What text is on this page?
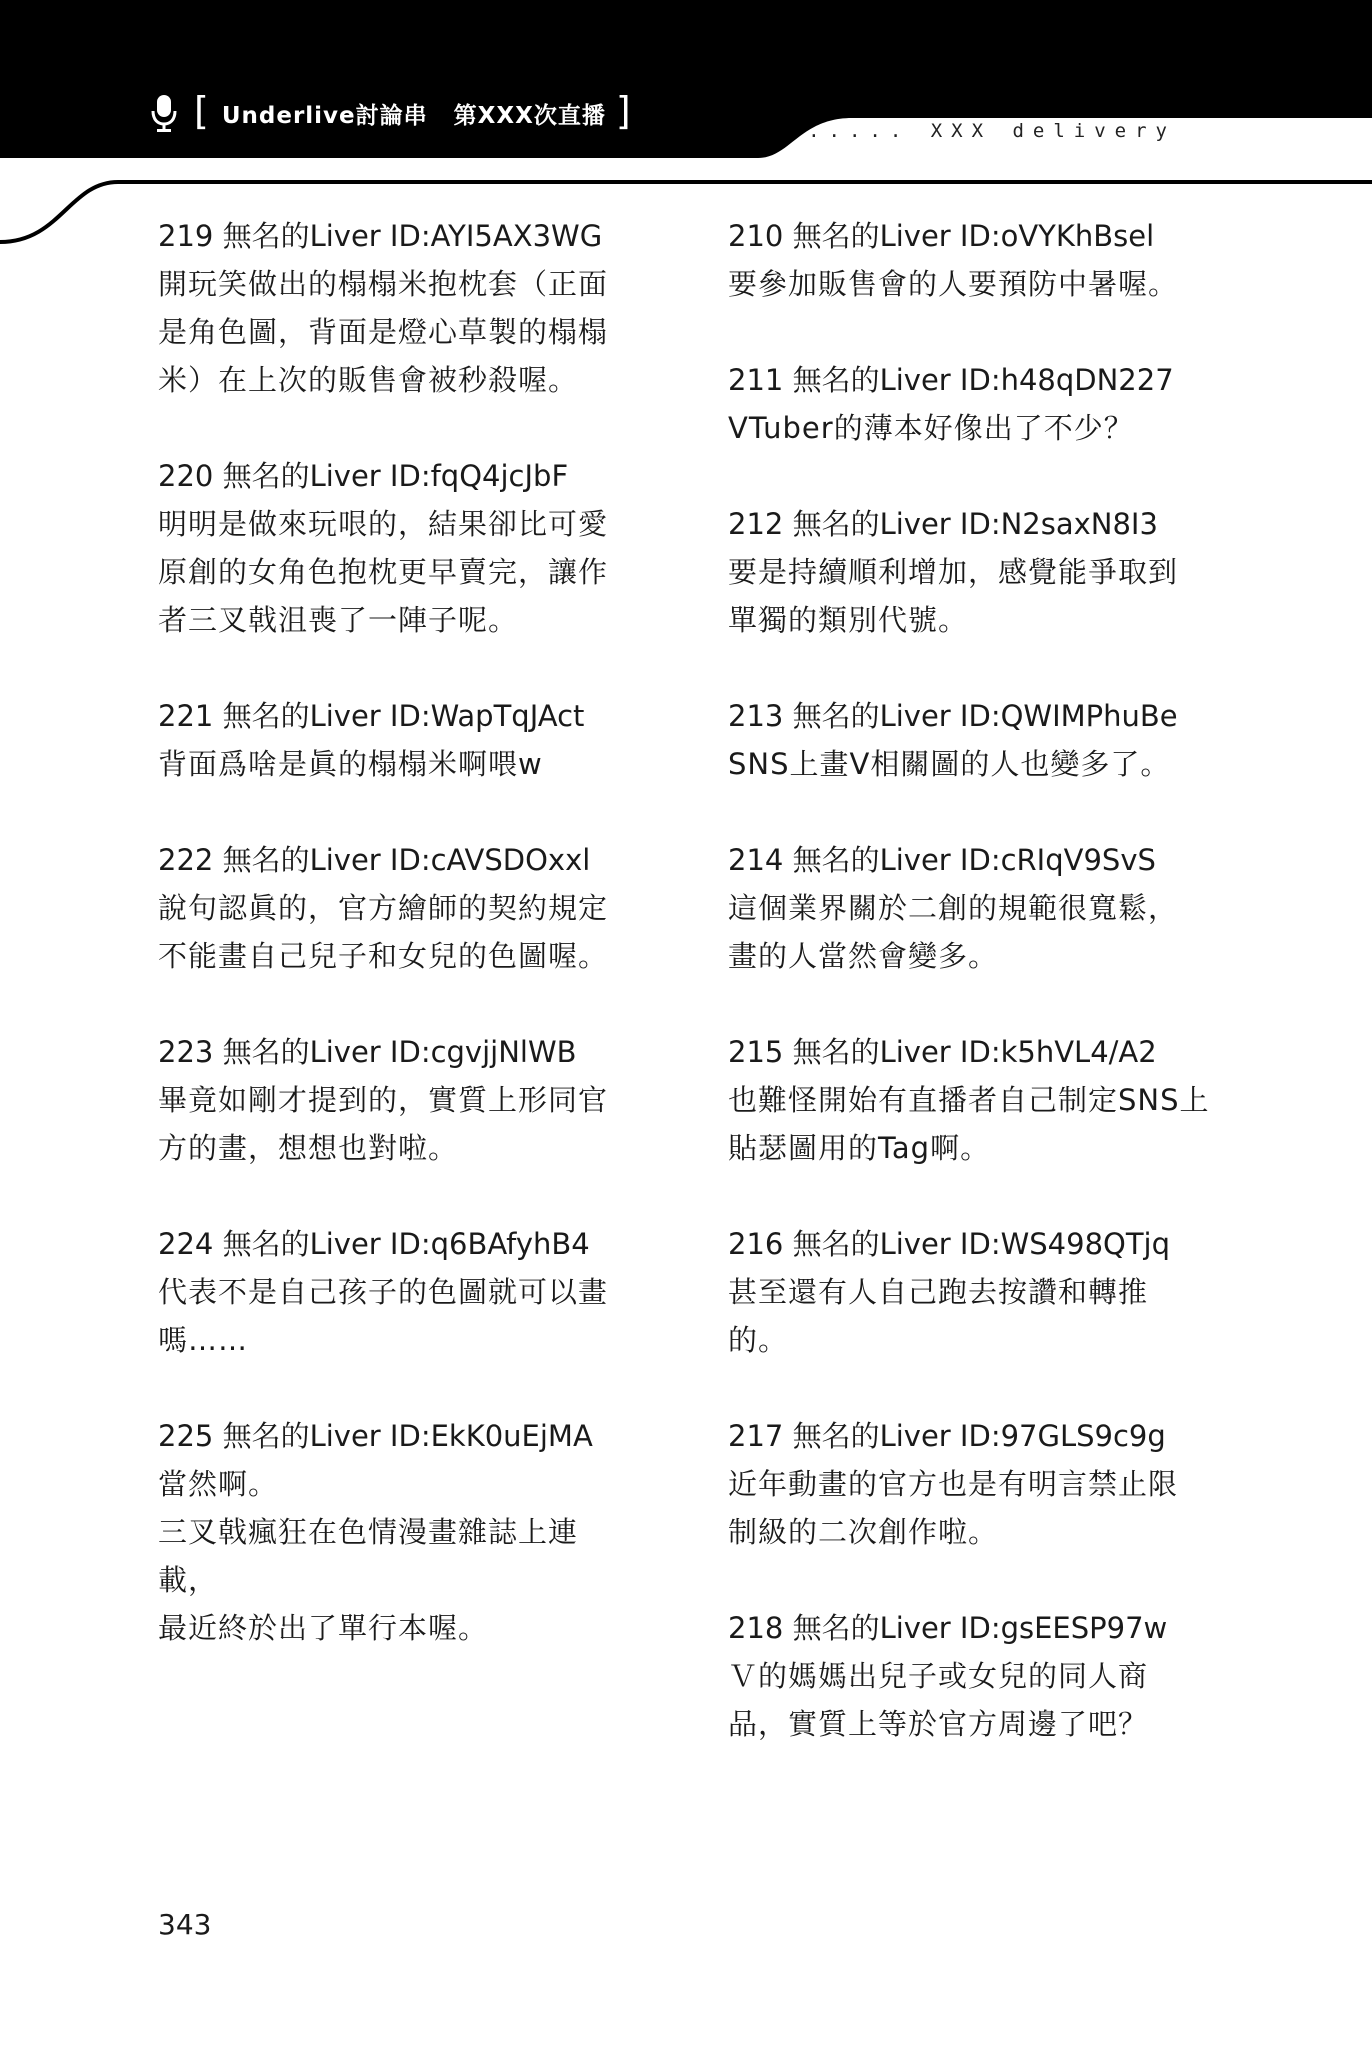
[ Underlive討論串 第XXX次直播 ]	..... XXX delivery
219 無名的Liver ID:AYI5AX3WG
開玩笑做出的榻榻米抱枕套（正面
是角色圖，背面是燈心草製的榻榻
米）在上次的販售會被秒殺喔。
220 無名的Liver ID:fqQ4jcJbF
明明是做來玩哏的，結果卻比可愛
原創的女角色抱枕更早賣完，讓作
者三叉戟沮喪了一陣子呢。
221 無名的Liver ID:WapTqJAct
背面爲啥是眞的榻榻米啊喂w
222 無名的Liver ID:cAVSDOxxl
說句認眞的，官方繪師的契約規定
不能畫自己兒子和女兒的色圖喔。
223 無名的Liver ID:cgvjjNlWB
畢竟如剛才提到的，實質上形同官
方的畫，想想也對啦。
224 無名的Liver ID:q6BAfyhB4
代表不是自己孩子的色圖就可以畫
嗎……
225 無名的Liver ID:EkK0uEjMA
當然啊。
三叉戟瘋狂在色情漫畫雜誌上連
載，
最近終於出了單行本喔。
210 無名的Liver ID:oVYKhBsel
要參加販售會的人要預防中暑喔。
211 無名的Liver ID:h48qDN227
VTuber的薄本好像出了不少？
212 無名的Liver ID:N2saxN8I3
要是持續順利增加，感覺能爭取到
單獨的類別代號。
213 無名的Liver ID:QWIMPhuBe
SNS上畫V相關圖的人也變多了。
214 無名的Liver ID:cRIqV9SvS
這個業界關於二創的規範很寬鬆，
畫的人當然會變多。
215 無名的Liver ID:k5hVL4/A2
也難怪開始有直播者自己制定SNS上
貼瑟圖用的Tag啊。
216 無名的Liver ID:WS498QTjq
甚至還有人自己跑去按讚和轉推
的。
217 無名的Liver ID:97GLS9c9g
近年動畫的官方也是有明言禁止限
制級的二次創作啦。
218 無名的Liver ID:gsEESP97w
Ｖ的媽媽出兒子或女兒的同人商
品，實質上等於官方周邊了吧？
343
